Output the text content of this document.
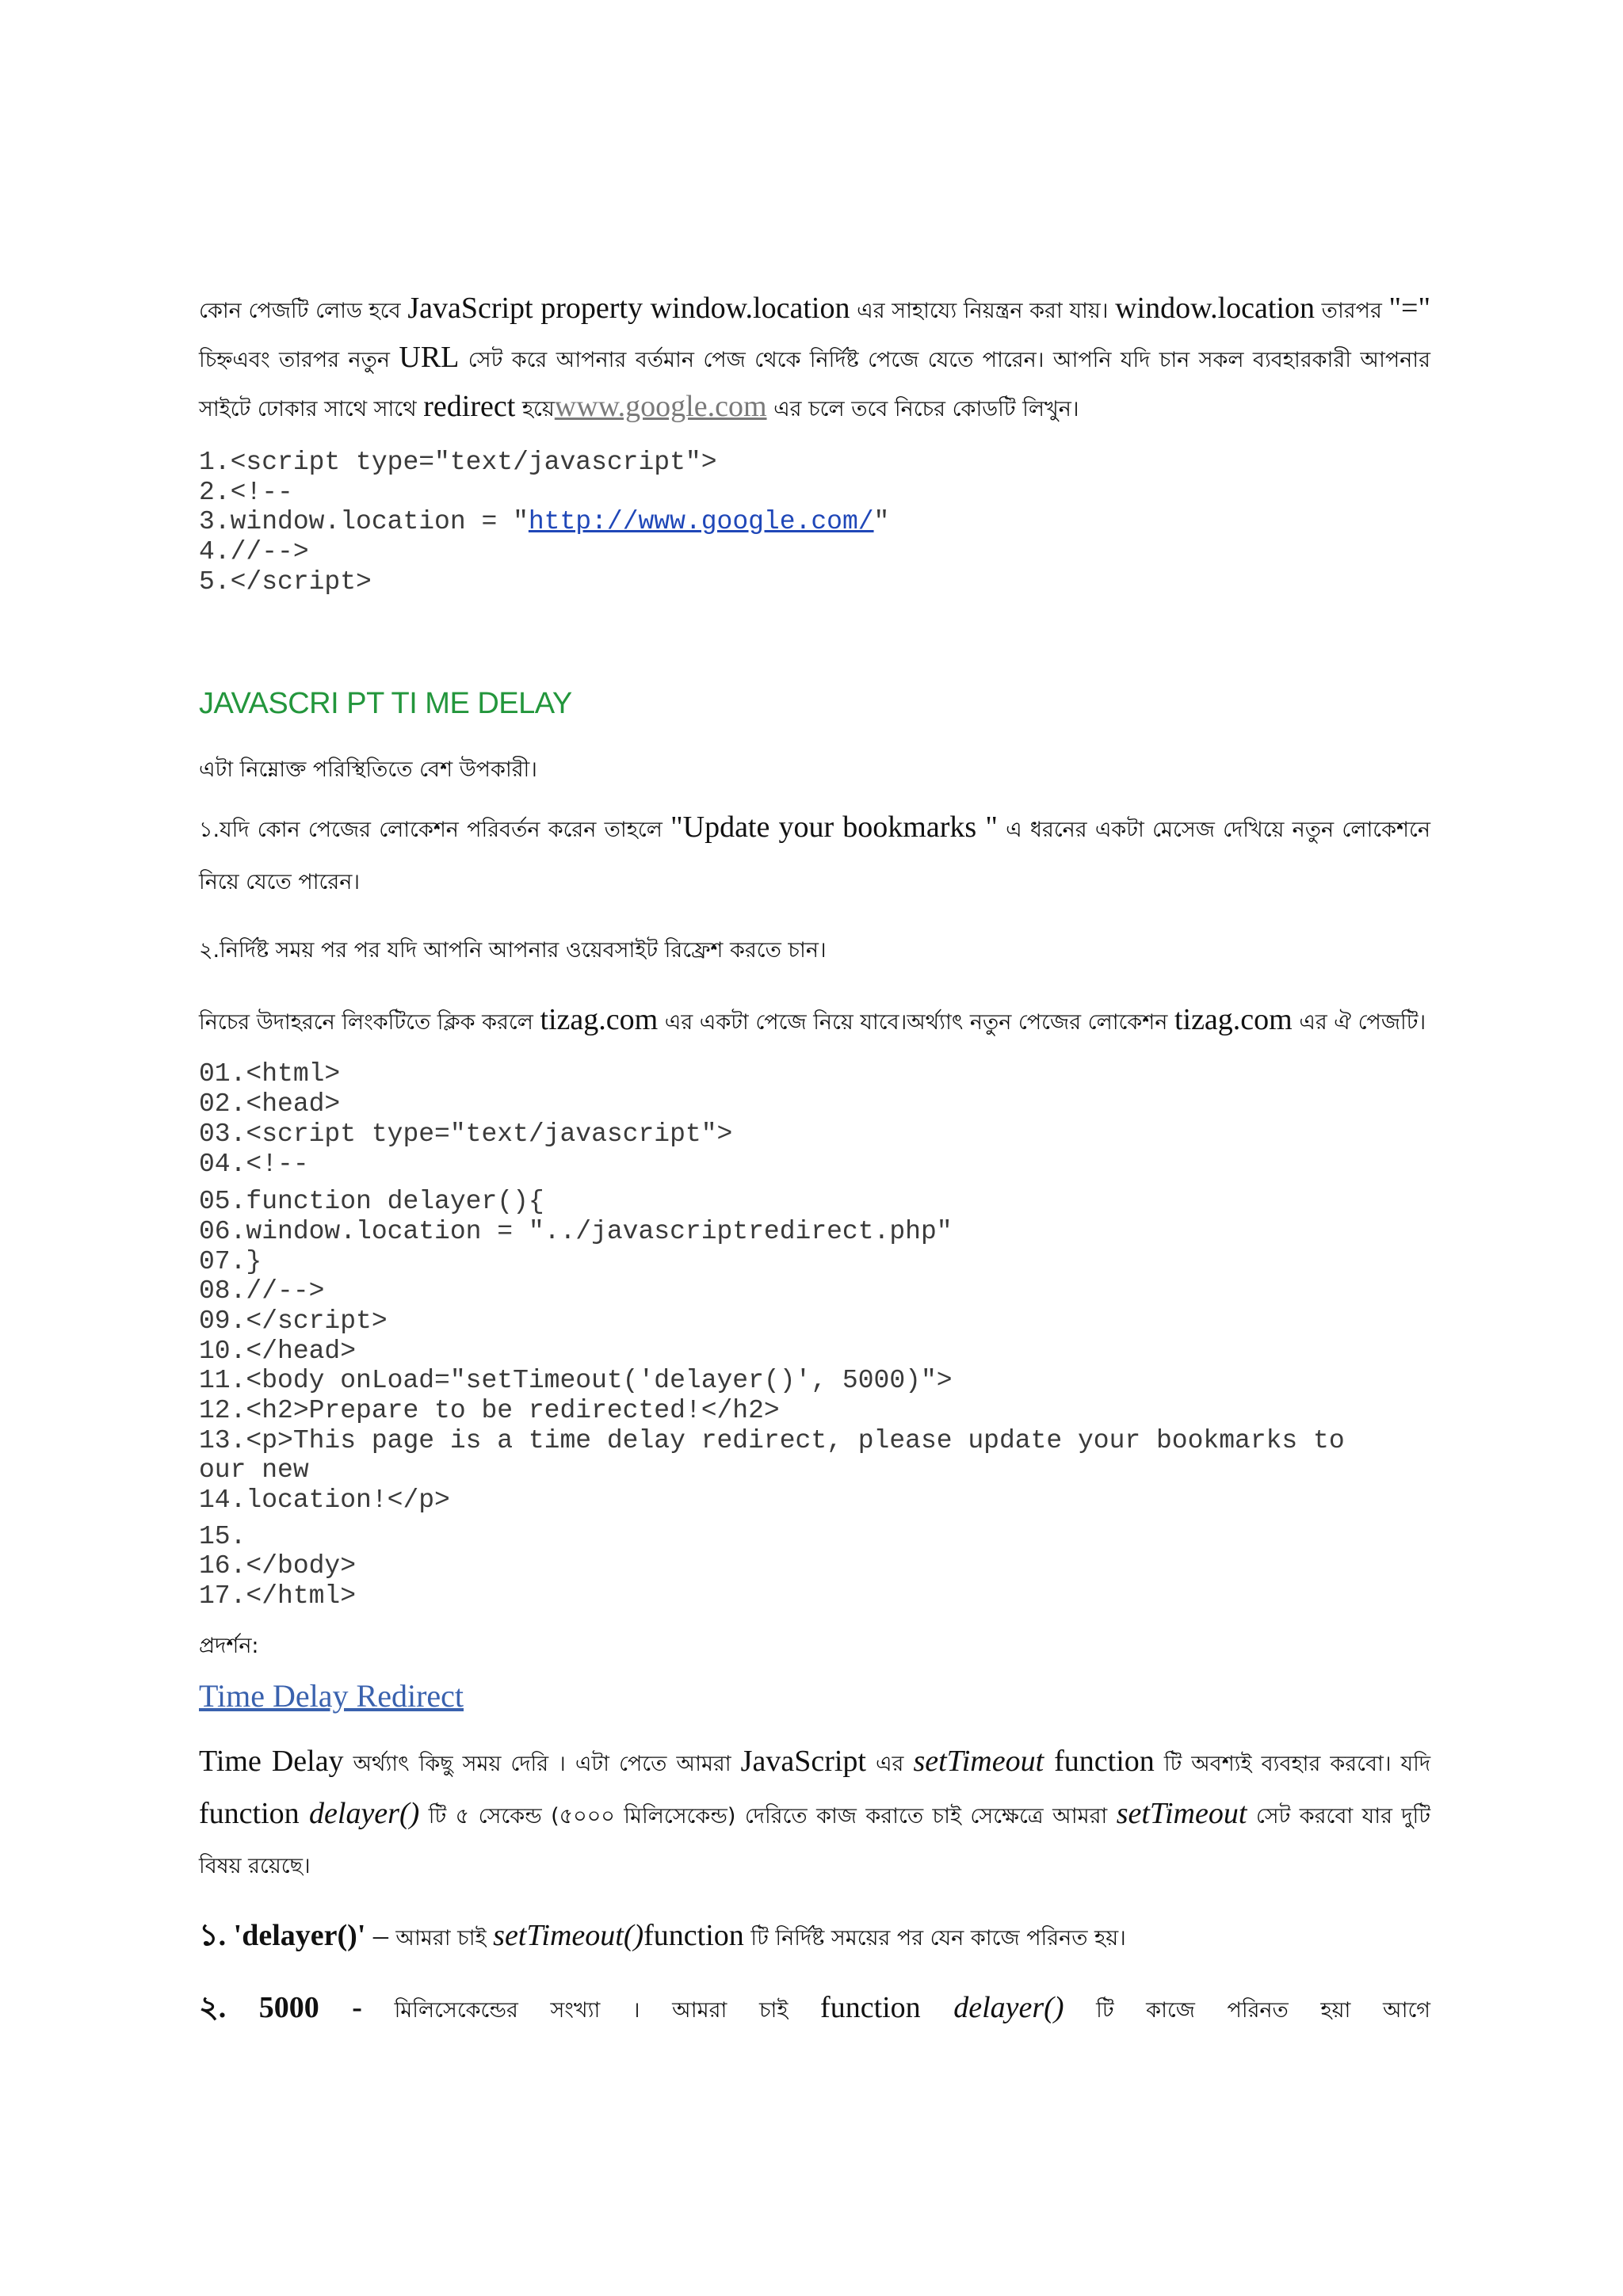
কোন পেজটি লোড হবে JavaScript property window.location এর সাহায্যে নিয়ন্ত্রন করা যায়। window.location তারপর "=" চিহ্নএবং তারপর নতুন URL সেট করে আপনার বর্তমান পেজ থেকে নির্দিষ্ট পেজে যেতে পারেন। আপনি যদি চান সকল ব্যবহারকারী আপনার সাইটে ঢোকার সাথে সাথে redirect হয়েwww.google.com এর চলে তবে নিচের কোডটি লিখুন।

1.<script type="text/javascript">
2.<!--
3.window.location = "http://www.google.com/"
4.//-->
5.</script>
JAVASCRI PT TI ME DELAY

এটা নিম্নোক্ত পরিস্থিতিতে বেশ উপকারী।

১.যদি কোন পেজের লোকেশন পরিবর্তন করেন তাহলে "Update your bookmarks " এ ধরনের একটা মেসেজ দেখিয়ে নতুন লোকেশনে নিয়ে যেতে পারেন।

২.নির্দিষ্ট সময় পর পর যদি আপনি আপনার ওয়েবসাইট রিফ্রেশ করতে চান।

নিচের উদাহরনে লিংকটিতে ক্লিক করলে tizag.com এর একটা পেজে নিয়ে যাবে।অর্থ্যাৎ নতুন পেজের লোকেশন tizag.com এর ঐ পেজটি।

01.<html>
02.<head>
03.<script type="text/javascript">
04.<!--
05.function delayer(){
06.window.location = "../javascriptredirect.php"
07.}
08.//-->
09.</script>
10.</head>
11.<body onLoad="setTimeout('delayer()', 5000)">
12.<h2>Prepare to be redirected!</h2>
13.<p>This page is a time delay redirect, please update your bookmarks to
our new
14.location!</p>
15.
16.</body>
17.</html>

প্রদর্শন:

Time Delay Redirect

Time Delay অর্থ্যাৎ কিছু সময় দেরি । এটা পেতে আমরা JavaScript এর setTimeout function টি অবশ্যই ব্যবহার করবো। যদি function delayer() টি ৫ সেকেন্ড (৫০০০ মিলিসেকেন্ড) দেরিতে কাজ করাতে চাই সেক্ষেত্রে আমরা setTimeout সেট করবো যার দুটি বিষয় রয়েছে।

১. 'delayer()' – আমরা চাই setTimeout()function টি নির্দিষ্ট সময়ের পর যেন কাজে পরিনত হয়।

২. 5000 - মিলিসেকেন্ডের সংখ্যা । আমরা চাই function delayer() টি কাজে পরিনত হয়া আগে
